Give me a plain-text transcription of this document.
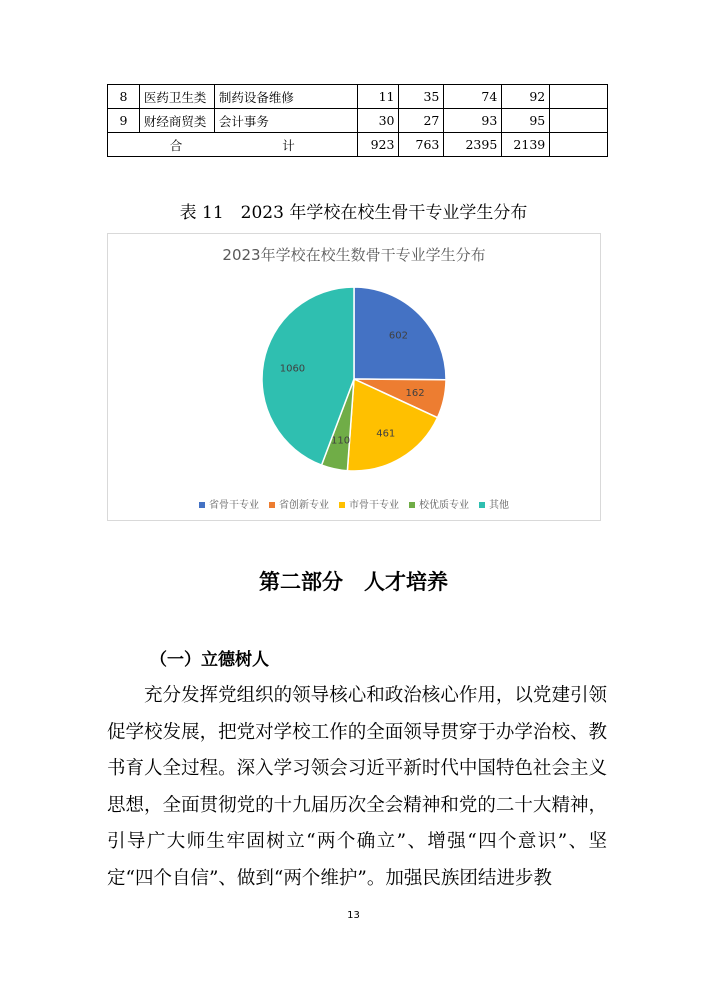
8	医药卫生类	制药设备维修	11	35	74	92	
9	财经商贸类	会计事务	30	27	93	95	
合 计			923	763	2395	2139	
表 11　2023 年学校在校生骨干专业学生分布
2023年学校在校生数骨干专业学生分布
602
162
461
110
1060
省骨干专业 省创新专业 市骨干专业 校优质专业 其他
第二部分　人才培养
（一）立德树人
充分发挥党组织的领导核心和政治核心作用，以党建引领促学校发展，把党对学校工作的全面领导贯穿于办学治校、教书育人全过程。深入学习领会习近平新时代中国特色社会主义思想，全面贯彻党的十九届历次全会精神和党的二十大精神，引导广大师生牢固树立“两个确立”、增强“四个意识”、坚定“四个自信”、做到“两个维护”。加强民族团结进步教
13
